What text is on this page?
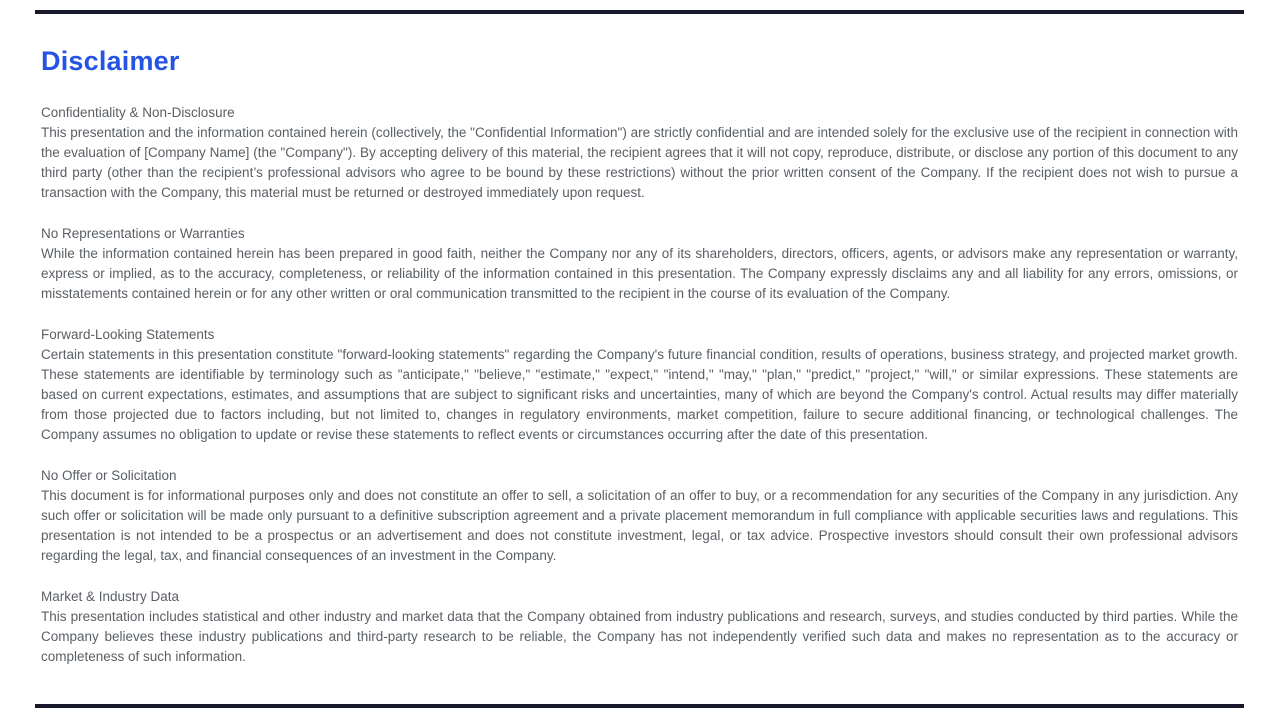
Disclaimer
Confidentiality & Non-Disclosure
This presentation and the information contained herein (collectively, the "Confidential Information") are strictly confidential and are intended solely for the exclusive use of the recipient in connection with the evaluation of [Company Name] (the "Company"). By accepting delivery of this material, the recipient agrees that it will not copy, reproduce, distribute, or disclose any portion of this document to any third party (other than the recipient’s professional advisors who agree to be bound by these restrictions) without the prior written consent of the Company. If the recipient does not wish to pursue a transaction with the Company, this material must be returned or destroyed immediately upon request.
No Representations or Warranties
While the information contained herein has been prepared in good faith, neither the Company nor any of its shareholders, directors, officers, agents, or advisors make any representation or warranty, express or implied, as to the accuracy, completeness, or reliability of the information contained in this presentation. The Company expressly disclaims any and all liability for any errors, omissions, or misstatements contained herein or for any other written or oral communication transmitted to the recipient in the course of its evaluation of the Company.
Forward-Looking Statements
Certain statements in this presentation constitute "forward-looking statements" regarding the Company's future financial condition, results of operations, business strategy, and projected market growth. These statements are identifiable by terminology such as "anticipate," "believe," "estimate," "expect," "intend," "may," "plan," "predict," "project," "will," or similar expressions. These statements are based on current expectations, estimates, and assumptions that are subject to significant risks and uncertainties, many of which are beyond the Company's control. Actual results may differ materially from those projected due to factors including, but not limited to, changes in regulatory environments, market competition, failure to secure additional financing, or technological challenges. The Company assumes no obligation to update or revise these statements to reflect events or circumstances occurring after the date of this presentation.
No Offer or Solicitation
This document is for informational purposes only and does not constitute an offer to sell, a solicitation of an offer to buy, or a recommendation for any securities of the Company in any jurisdiction. Any such offer or solicitation will be made only pursuant to a definitive subscription agreement and a private placement memorandum in full compliance with applicable securities laws and regulations. This presentation is not intended to be a prospectus or an advertisement and does not constitute investment, legal, or tax advice. Prospective investors should consult their own professional advisors regarding the legal, tax, and financial consequences of an investment in the Company.
Market & Industry Data
This presentation includes statistical and other industry and market data that the Company obtained from industry publications and research, surveys, and studies conducted by third parties. While the Company believes these industry publications and third-party research to be reliable, the Company has not independently verified such data and makes no representation as to the accuracy or completeness of such information.
